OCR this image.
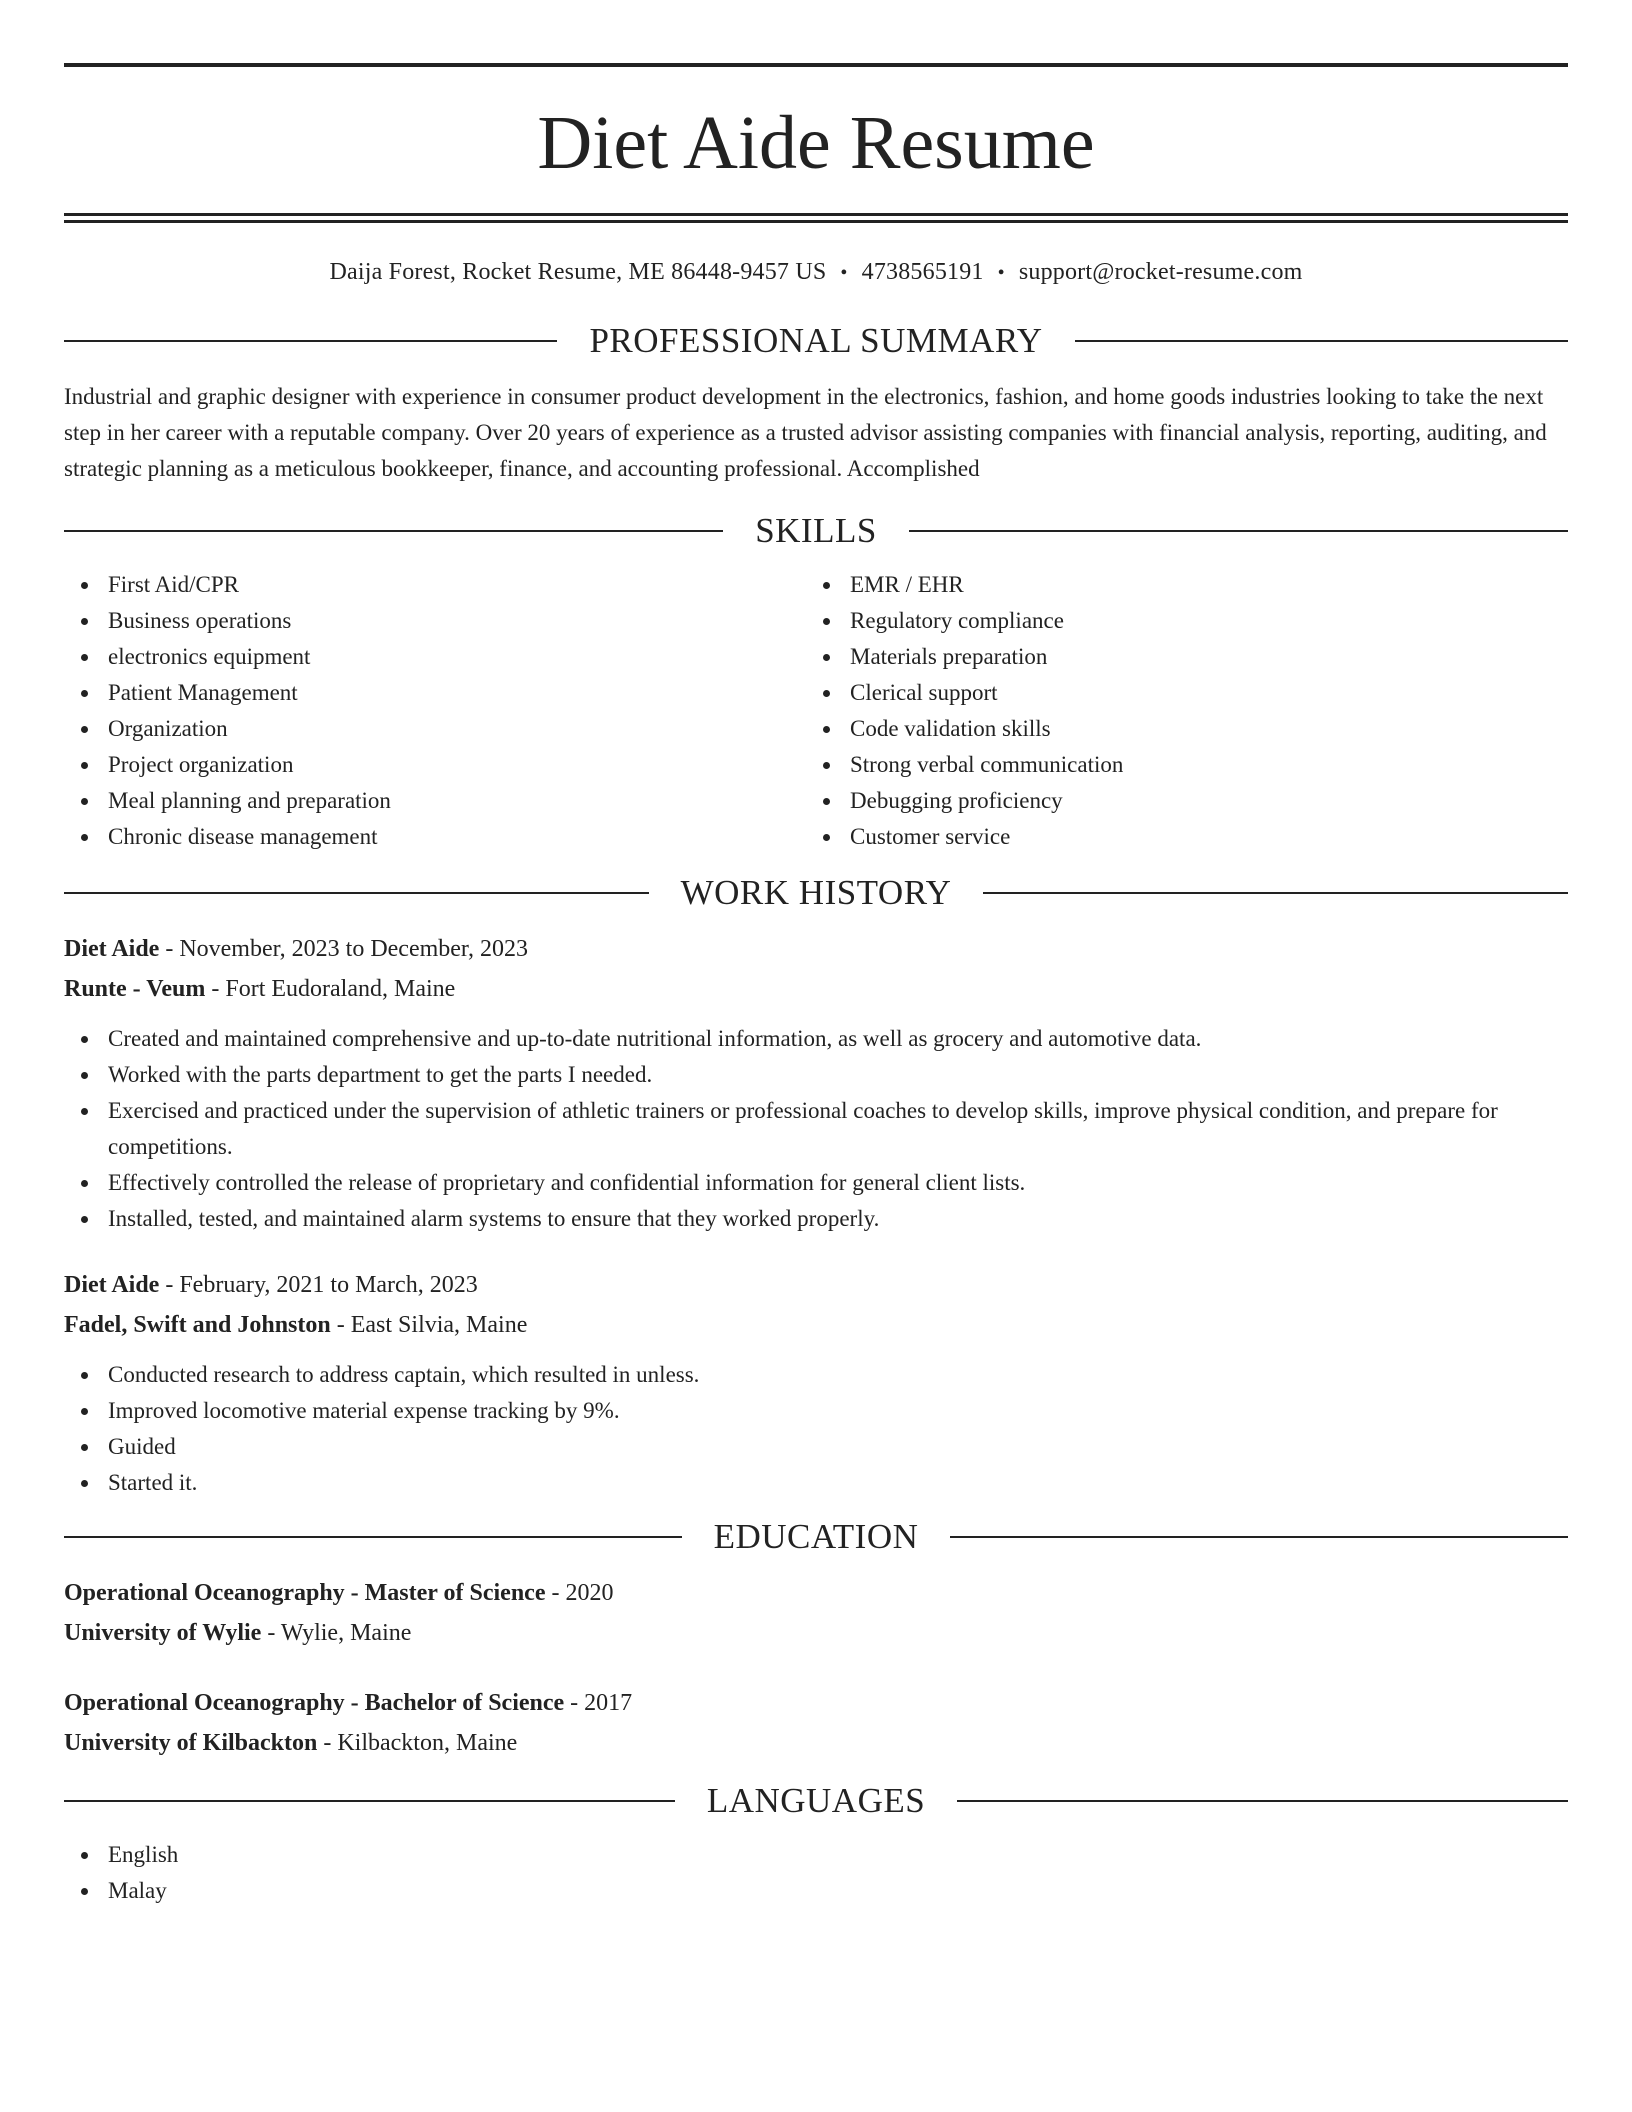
Diet Aide Resume
Daija Forest, Rocket Resume, ME 86448-9457 US • 4738565191 • support@rocket-resume.com
PROFESSIONAL SUMMARY
Industrial and graphic designer with experience in consumer product development in the electronics, fashion, and home goods industries looking to take the next step in her career with a reputable company. Over 20 years of experience as a trusted advisor assisting companies with financial analysis, reporting, auditing, and strategic planning as a meticulous bookkeeper, finance, and accounting professional. Accomplished
SKILLS
First Aid/CPR
Business operations
electronics equipment
Patient Management
Organization
Project organization
Meal planning and preparation
Chronic disease management
EMR / EHR
Regulatory compliance
Materials preparation
Clerical support
Code validation skills
Strong verbal communication
Debugging proficiency
Customer service
WORK HISTORY
Diet Aide - November, 2023 to December, 2023
Runte - Veum - Fort Eudoraland, Maine
Created and maintained comprehensive and up-to-date nutritional information, as well as grocery and automotive data.
Worked with the parts department to get the parts I needed.
Exercised and practiced under the supervision of athletic trainers or professional coaches to develop skills, improve physical condition, and prepare for competitions.
Effectively controlled the release of proprietary and confidential information for general client lists.
Installed, tested, and maintained alarm systems to ensure that they worked properly.
Diet Aide - February, 2021 to March, 2023
Fadel, Swift and Johnston - East Silvia, Maine
Conducted research to address captain, which resulted in unless.
Improved locomotive material expense tracking by 9%.
Guided
Started it.
EDUCATION
Operational Oceanography - Master of Science - 2020
University of Wylie - Wylie, Maine
Operational Oceanography - Bachelor of Science - 2017
University of Kilbackton - Kilbackton, Maine
LANGUAGES
English
Malay
